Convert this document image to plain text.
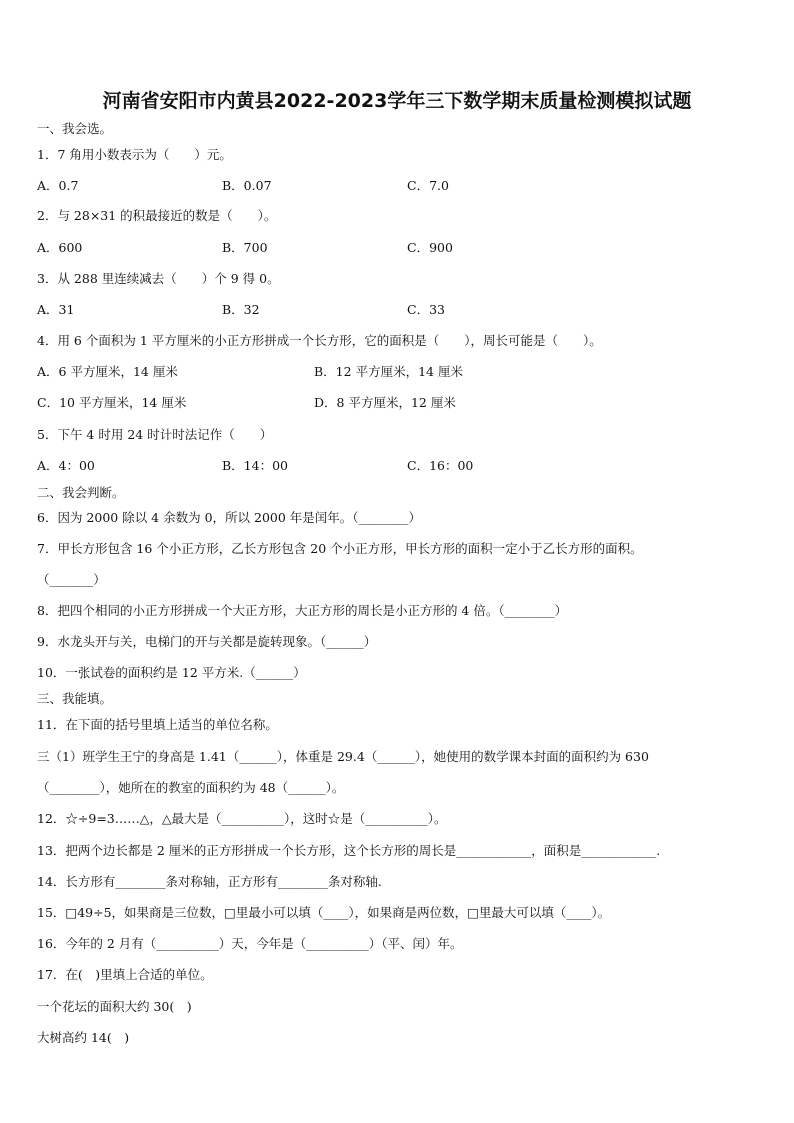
河南省安阳市内黄县2022-2023学年三下数学期末质量检测模拟试题
一、我会选。
1．7 角用小数表示为（　　）元。
A．0.7	B．0.07	C．7.0
2．与 28×31 的积最接近的数是（　　）。
A．600	B．700	C．900
3．从 288 里连续减去（　　）个 9 得 0。
A．31	B．32	C．33
4．用 6 个面积为 1 平方厘米的小正方形拼成一个长方形，它的面积是（　　），周长可能是（　　）。
A．6 平方厘米，14 厘米	B．12 平方厘米，14 厘米
C．10 平方厘米，14 厘米	D．8 平方厘米，12 厘米
5．下午 4 时用 24 时计时法记作（　　）
A．4：00	B．14：00	C．16：00
二、我会判断。
6．因为 2000 除以 4 余数为 0，所以 2000 年是闰年。（________）
7．甲长方形包含 16 个小正方形，乙长方形包含 20 个小正方形，甲长方形的面积一定小于乙长方形的面积。
（_______）
8．把四个相同的小正方形拼成一个大正方形，大正方形的周长是小正方形的 4 倍。（________）
9．水龙头开与关，电梯门的开与关都是旋转现象。（______）
10．一张试卷的面积约是 12 平方米.（______）
三、我能填。
11．在下面的括号里填上适当的单位名称。
三（1）班学生王宁的身高是 1.41（______），体重是 29.4（______），她使用的数学课本封面的面积约为 630
（________），她所在的教室的面积约为 48（______）。
12．☆÷9=3……△，△最大是（__________），这时☆是（__________）。
13．把两个边长都是 2 厘米的正方形拼成一个长方形，这个长方形的周长是____________，面积是____________.
14．长方形有________条对称轴，正方形有________条对称轴.
15．□49÷5，如果商是三位数，□里最小可以填（____），如果商是两位数，□里最大可以填（____）。
16．今年的 2 月有（__________）天，今年是（__________）（平、闰）年。
17．在(　)里填上合适的单位。
一个花坛的面积大约 30(　)
大树高约 14(　)
